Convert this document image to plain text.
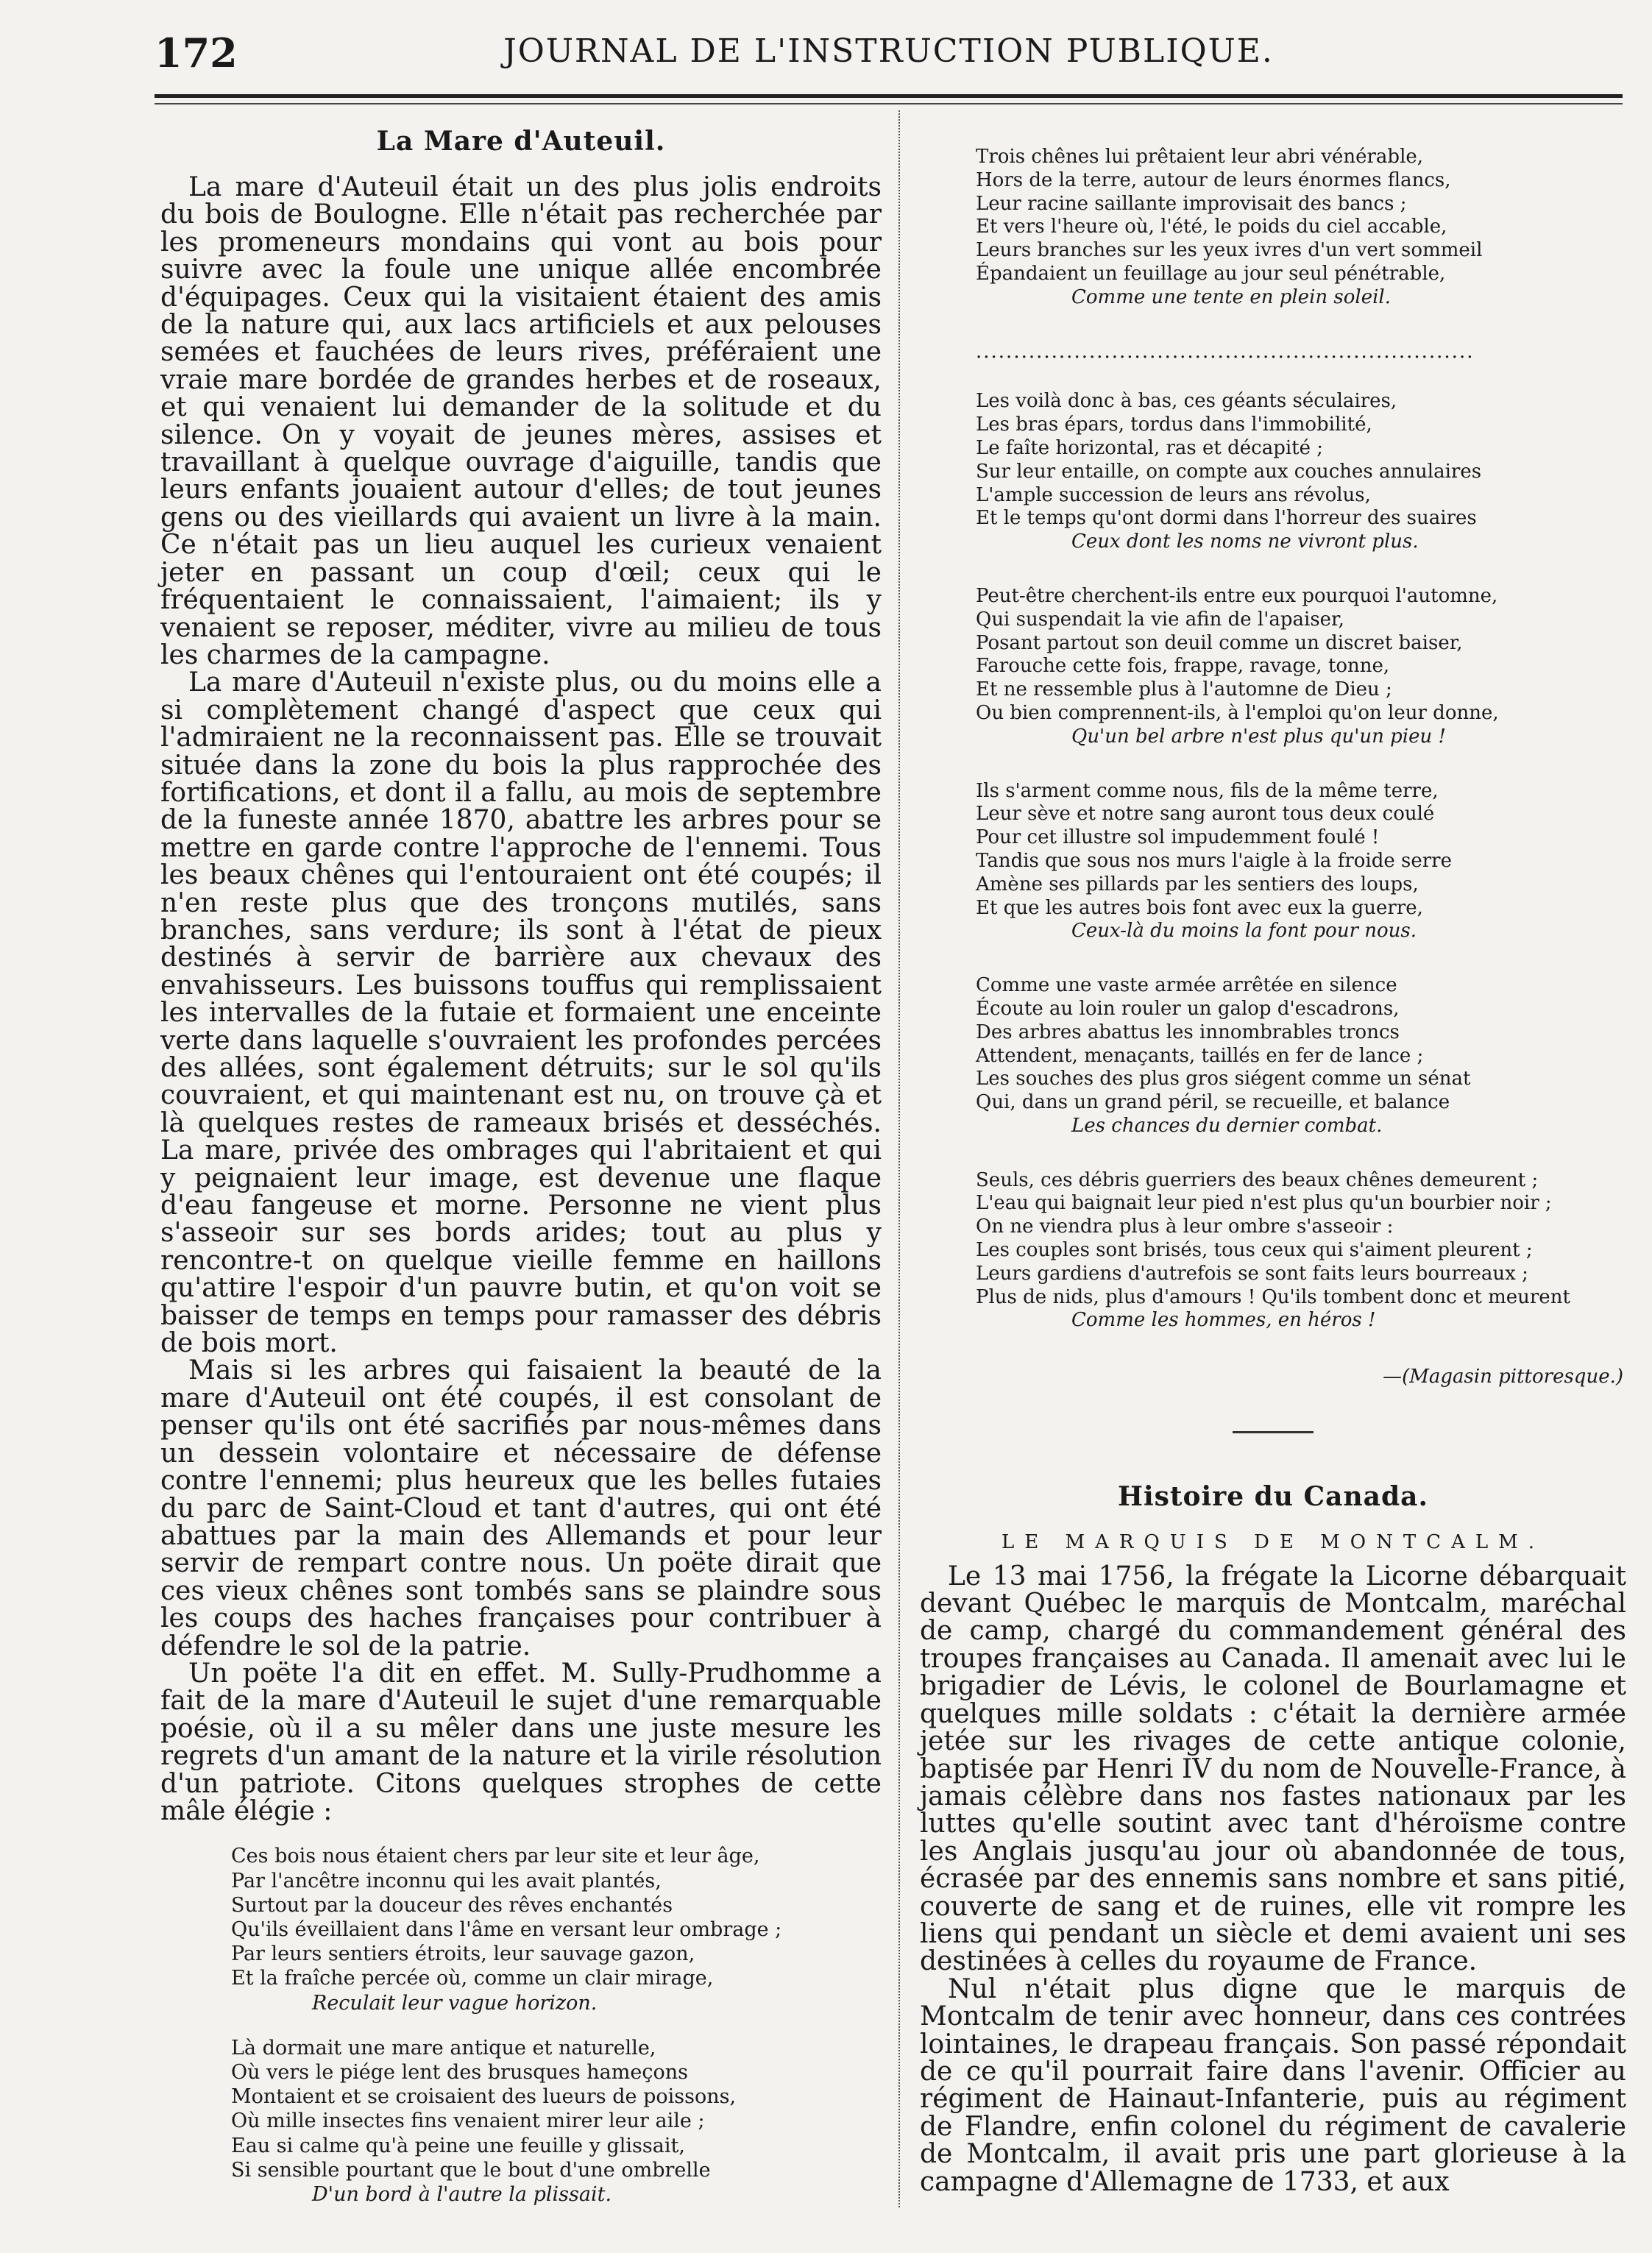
172	JOURNAL DE L'INSTRUCTION PUBLIQUE.
La Mare d'Auteuil.

La mare d'Auteuil était un des plus jolis endroits du bois de Boulogne. Elle n'était pas recherchée par les promeneurs mondains qui vont au bois pour suivre avec la foule une unique allée encombrée d'équipages. Ceux qui la visitaient étaient des amis de la nature qui, aux lacs artificiels et aux pelouses semées et fauchées de leurs rives, préféraient une vraie mare bordée de grandes herbes et de roseaux, et qui venaient lui demander de la solitude et du silence. On y voyait de jeunes mères, assises et travaillant à quelque ouvrage d'aiguille, tandis que leurs enfants jouaient autour d'elles; de tout jeunes gens ou des vieillards qui avaient un livre à la main. Ce n'était pas un lieu auquel les curieux venaient jeter en passant un coup d'œil; ceux qui le fréquentaient le connaissaient, l'aimaient; ils y venaient se reposer, méditer, vivre au milieu de tous les charmes de la campagne.

La mare d'Auteuil n'existe plus, ou du moins elle a si complètement changé d'aspect que ceux qui l'admiraient ne la reconnaissent pas. Elle se trouvait située dans la zone du bois la plus rapprochée des fortifications, et dont il a fallu, au mois de septembre de la funeste année 1870, abattre les arbres pour se mettre en garde contre l'approche de l'ennemi. Tous les beaux chênes qui l'entouraient ont été coupés; il n'en reste plus que des tronçons mutilés, sans branches, sans verdure; ils sont à l'état de pieux destinés à servir de barrière aux chevaux des envahisseurs. Les buissons touffus qui remplissaient les intervalles de la futaie et formaient une enceinte verte dans laquelle s'ouvraient les profondes percées des allées, sont également détruits; sur le sol qu'ils couvraient, et qui maintenant est nu, on trouve çà et là quelques restes de rameaux brisés et desséchés. La mare, privée des ombrages qui l'abritaient et qui y peignaient leur image, est devenue une flaque d'eau fangeuse et morne. Personne ne vient plus s'asseoir sur ses bords arides; tout au plus y rencontre-t on quelque vieille femme en haillons qu'attire l'espoir d'un pauvre butin, et qu'on voit se baisser de temps en temps pour ramasser des débris de bois mort.

Mais si les arbres qui faisaient la beauté de la mare d'Auteuil ont été coupés, il est consolant de penser qu'ils ont été sacrifiés par nous-mêmes dans un dessein volontaire et nécessaire de défense contre l'ennemi; plus heureux que les belles futaies du parc de Saint-Cloud et tant d'autres, qui ont été abattues par la main des Allemands et pour leur servir de rempart contre nous. Un poëte dirait que ces vieux chênes sont tombés sans se plaindre sous les coups des haches françaises pour contribuer à défendre le sol de la patrie.

Un poëte l'a dit en effet. M. Sully-Prudhomme a fait de la mare d'Auteuil le sujet d'une remarquable poésie, où il a su mêler dans une juste mesure les regrets d'un amant de la nature et la virile résolution d'un patriote. Citons quelques strophes de cette mâle élégie :

Ces bois nous étaient chers par leur site et leur âge,
Par l'ancêtre inconnu qui les avait plantés,
Surtout par la douceur des rêves enchantés
Qu'ils éveillaient dans l'âme en versant leur ombrage ;
Par leurs sentiers étroits, leur sauvage gazon,
Et la fraîche percée où, comme un clair mirage,
Reculait leur vague horizon.
Là dormait une mare antique et naturelle,
Où vers le piége lent des brusques hameçons
Montaient et se croisaient des lueurs de poissons,
Où mille insectes fins venaient mirer leur aile ;
Eau si calme qu'à peine une feuille y glissait,
Si sensible pourtant que le bout d'une ombrelle
D'un bord à l'autre la plissait.
Trois chênes lui prêtaient leur abri vénérable,
Hors de la terre, autour de leurs énormes flancs,
Leur racine saillante improvisait des bancs ;
Et vers l'heure où, l'été, le poids du ciel accable,
Leurs branches sur les yeux ivres d'un vert sommeil
Épandaient un feuillage au jour seul pénétrable,
Comme une tente en plein soleil.
..................................................................
Les voilà donc à bas, ces géants séculaires,
Les bras épars, tordus dans l'immobilité,
Le faîte horizontal, ras et décapité ;
Sur leur entaille, on compte aux couches annulaires
L'ample succession de leurs ans révolus,
Et le temps qu'ont dormi dans l'horreur des suaires
Ceux dont les noms ne vivront plus.
Peut-être cherchent-ils entre eux pourquoi l'automne,
Qui suspendait la vie afin de l'apaiser,
Posant partout son deuil comme un discret baiser,
Farouche cette fois, frappe, ravage, tonne,
Et ne ressemble plus à l'automne de Dieu ;
Ou bien comprennent-ils, à l'emploi qu'on leur donne,
Qu'un bel arbre n'est plus qu'un pieu !
Ils s'arment comme nous, fils de la même terre,
Leur sève et notre sang auront tous deux coulé
Pour cet illustre sol impudemment foulé !
Tandis que sous nos murs l'aigle à la froide serre
Amène ses pillards par les sentiers des loups,
Et que les autres bois font avec eux la guerre,
Ceux-là du moins la font pour nous.
Comme une vaste armée arrêtée en silence
Écoute au loin rouler un galop d'escadrons,
Des arbres abattus les innombrables troncs
Attendent, menaçants, taillés en fer de lance ;
Les souches des plus gros siégent comme un sénat
Qui, dans un grand péril, se recueille, et balance
Les chances du dernier combat.
Seuls, ces débris guerriers des beaux chênes demeurent ;
L'eau qui baignait leur pied n'est plus qu'un bourbier noir ;
On ne viendra plus à leur ombre s'asseoir :
Les couples sont brisés, tous ceux qui s'aiment pleurent ;
Leurs gardiens d'autrefois se sont faits leurs bourreaux ;
Plus de nids, plus d'amours ! Qu'ils tombent donc et meurent
Comme les hommes, en héros !
—(Magasin pittoresque.)
Histoire du Canada.
LE MARQUIS DE MONTCALM.

Le 13 mai 1756, la frégate la Licorne débarquait devant Québec le marquis de Montcalm, maréchal de camp, chargé du commandement général des troupes françaises au Canada. Il amenait avec lui le brigadier de Lévis, le colonel de Bourlamagne et quelques mille soldats : c'était la dernière armée jetée sur les rivages de cette antique colonie, baptisée par Henri IV du nom de Nouvelle-France, à jamais célèbre dans nos fastes nationaux par les luttes qu'elle soutint avec tant d'héroïsme contre les Anglais jusqu'au jour où abandonnée de tous, écrasée par des ennemis sans nombre et sans pitié, couverte de sang et de ruines, elle vit rompre les liens qui pendant un siècle et demi avaient uni ses destinées à celles du royaume de France.

Nul n'était plus digne que le marquis de Montcalm de tenir avec honneur, dans ces contrées lointaines, le drapeau français. Son passé répondait de ce qu'il pourrait faire dans l'avenir. Officier au régiment de Hainaut-Infanterie, puis au régiment de Flandre, enfin colonel du régiment de cavalerie de Montcalm, il avait pris une part glorieuse à la campagne d'Allemagne de 1733, et aux
